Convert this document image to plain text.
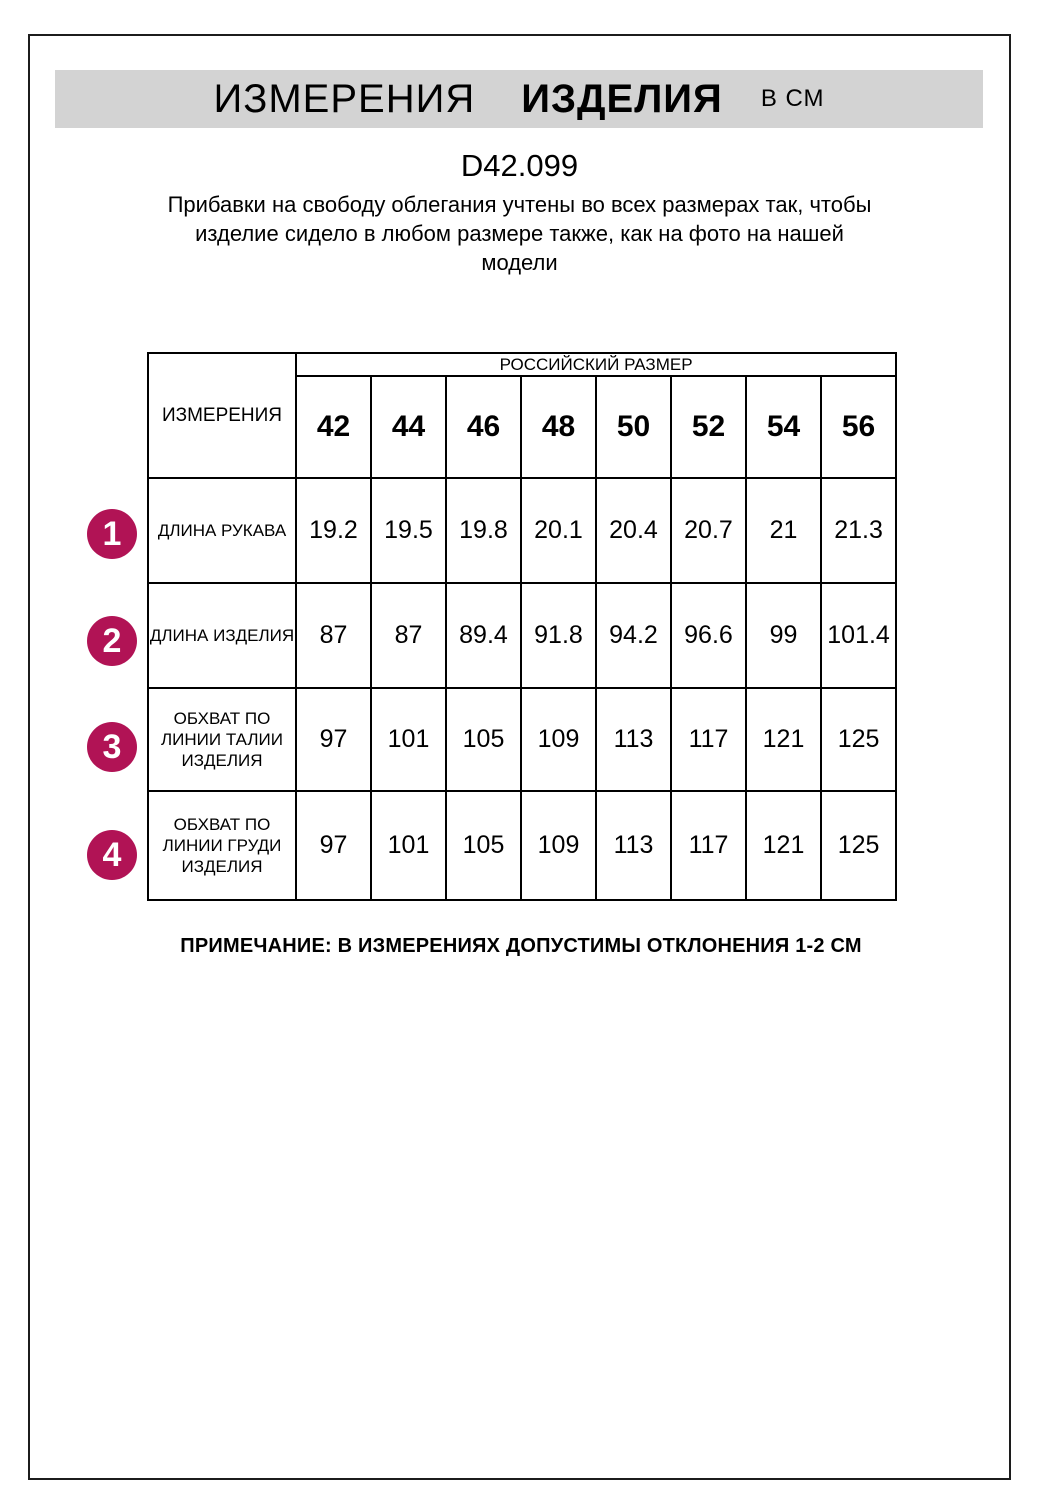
ИЗМЕРЕНИЯ ИЗДЕЛИЯ В СМ
D42.099
Прибавки на свободу облегания учтены во всех размерах так, чтобы
изделие сидело в любом размере также, как на фото на нашей
модели
ИЗМЕРЕНИЯ	РОССИЙСКИЙ РАЗМЕР							
	42	44	46	48	50	52	54	56
ДЛИНА РУКАВА	19.2	19.5	19.8	20.1	20.4	20.7	21	21.3
ДЛИНА ИЗДЕЛИЯ	87	87	89.4	91.8	94.2	96.6	99	101.4
ОБХВАТ ПО ЛИНИИ ТАЛИИ ИЗДЕЛИЯ	97	101	105	109	113	117	121	125
ОБХВАТ ПО ЛИНИИ ГРУДИ ИЗДЕЛИЯ	97	101	105	109	113	117	121	125
1
2
3
4
ПРИМЕЧАНИЕ: В ИЗМЕРЕНИЯХ ДОПУСТИМЫ ОТКЛОНЕНИЯ 1-2 СМ
